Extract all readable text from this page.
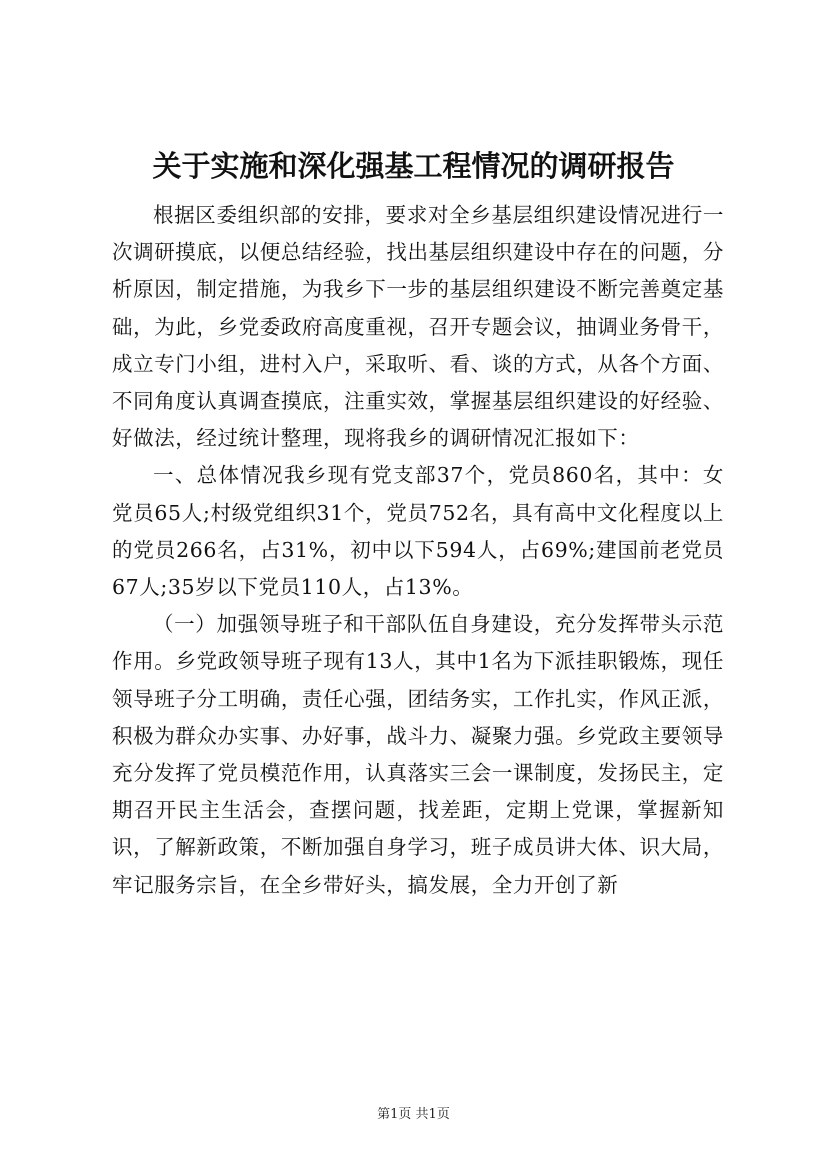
关于实施和深化强基工程情况的调研报告

根据区委组织部的安排，要求对全乡基层组织建设情况进行一次调研摸底，以便总结经验，找出基层组织建设中存在的问题，分析原因，制定措施，为我乡下一步的基层组织建设不断完善奠定基础，为此，乡党委政府高度重视，召开专题会议，抽调业务骨干，成立专门小组，进村入户，采取听、看、谈的方式，从各个方面、不同角度认真调查摸底，注重实效，掌握基层组织建设的好经验、好做法，经过统计整理，现将我乡的调研情况汇报如下：

一、总体情况我乡现有党支部37个，党员860名，其中：女党员65人;村级党组织31个，党员752名，具有高中文化程度以上的党员266名，占31%，初中以下594人，占69%;建国前老党员67人;35岁以下党员110人，占13%。

（一）加强领导班子和干部队伍自身建设，充分发挥带头示范作用。乡党政领导班子现有13人，其中1名为下派挂职锻炼，现任领导班子分工明确，责任心强，团结务实，工作扎实，作风正派，积极为群众办实事、办好事，战斗力、凝聚力强。乡党政主要领导充分发挥了党员模范作用，认真落实三会一课制度，发扬民主，定期召开民主生活会，查摆问题，找差距，定期上党课，掌握新知识，了解新政策，不断加强自身学习，班子成员讲大体、识大局，牢记服务宗旨，在全乡带好头，搞发展，全力开创了新

第1页 共1页
